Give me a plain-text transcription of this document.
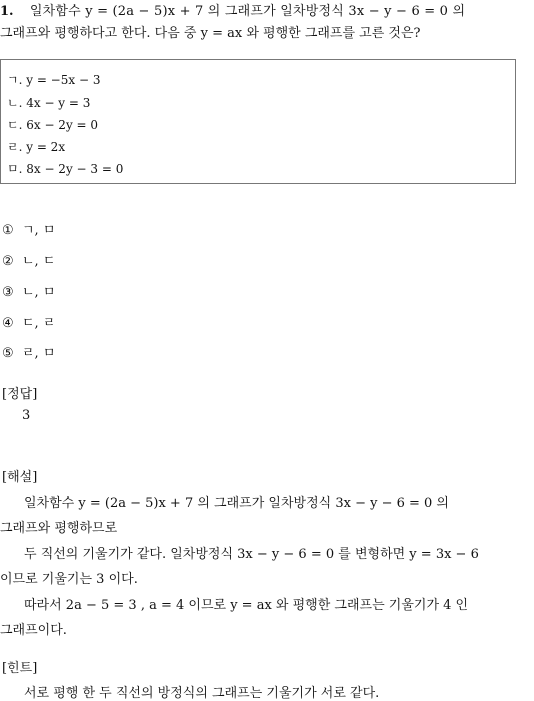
1. 일차함수 y = (2a − 5)x + 7 의 그래프가 일차방정식 3x − y − 6 = 0 의
그래프와 평행하다고 한다. 다음 중 y = ax 와 평행한 그래프를 고른 것은?
ㄱ. y = −5x − 3
ㄴ. 4x − y = 3
ㄷ. 6x − 2y = 0
ㄹ. y = 2x
ㅁ. 8x − 2y − 3 = 0
① ㄱ, ㅁ
② ㄴ, ㄷ
③ ㄴ, ㅁ
④ ㄷ, ㄹ
⑤ ㄹ, ㅁ
[정답]
3
[해설]
일차함수 y = (2a − 5)x + 7 의 그래프가 일차방정식 3x − y − 6 = 0 의
그래프와 평행하므로
두 직선의 기울기가 같다. 일차방정식 3x − y − 6 = 0 를 변형하면 y = 3x − 6
이므로 기울기는 3 이다.
따라서 2a − 5 = 3 , a = 4 이므로 y = ax 와 평행한 그래프는 기울기가 4 인
그래프이다.
[힌트]
서로 평행 한 두 직선의 방정식의 그래프는 기울기가 서로 같다.
